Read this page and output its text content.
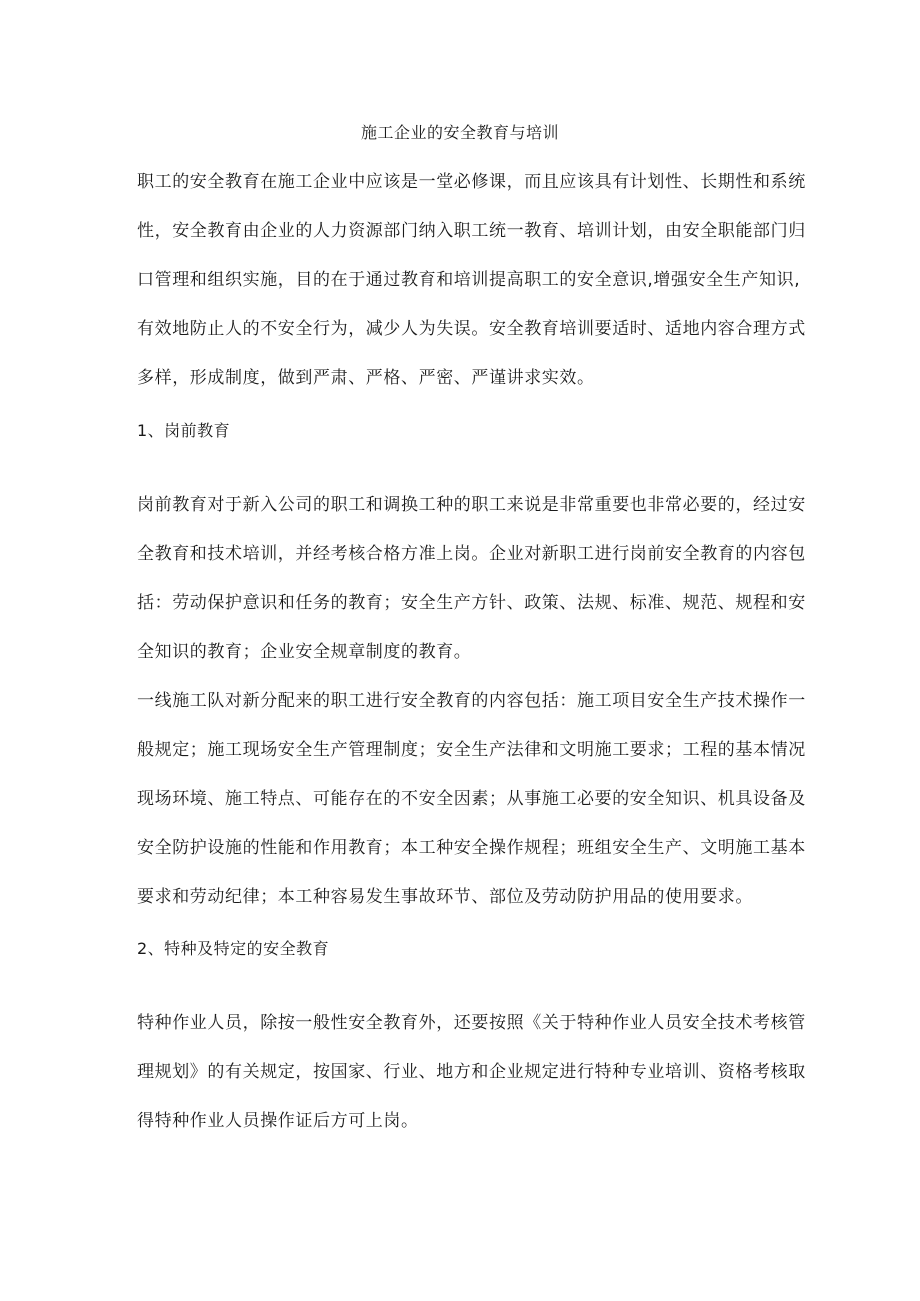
施工企业的安全教育与培训
职工的安全教育在施工企业中应该是一堂必修课，而且应该具有计划性、长期性和系统
性，安全教育由企业的人力资源部门纳入职工统一教育、培训计划，由安全职能部门归
口管理和组织实施，目的在于通过教育和培训提高职工的安全意识,增强安全生产知识,
有效地防止人的不安全行为，减少人为失误。安全教育培训要适时、适地内容合理方式
多样，形成制度，做到严肃、严格、严密、严谨讲求实效。
1、岗前教育
岗前教育对于新入公司的职工和调换工种的职工来说是非常重要也非常必要的，经过安
全教育和技术培训，并经考核合格方准上岗。企业对新职工进行岗前安全教育的内容包
括：劳动保护意识和任务的教育；安全生产方针、政策、法规、标准、规范、规程和安
全知识的教育；企业安全规章制度的教育。
一线施工队对新分配来的职工进行安全教育的内容包括：施工项目安全生产技术操作一
般规定；施工现场安全生产管理制度；安全生产法律和文明施工要求；工程的基本情况
现场环境、施工特点、可能存在的不安全因素；从事施工必要的安全知识、机具设备及
安全防护设施的性能和作用教育；本工种安全操作规程；班组安全生产、文明施工基本
要求和劳动纪律；本工种容易发生事故环节、部位及劳动防护用品的使用要求。
2、特种及特定的安全教育
特种作业人员，除按一般性安全教育外，还要按照《关于特种作业人员安全技术考核管
理规划》的有关规定，按国家、行业、地方和企业规定进行特种专业培训、资格考核取
得特种作业人员操作证后方可上岗。
